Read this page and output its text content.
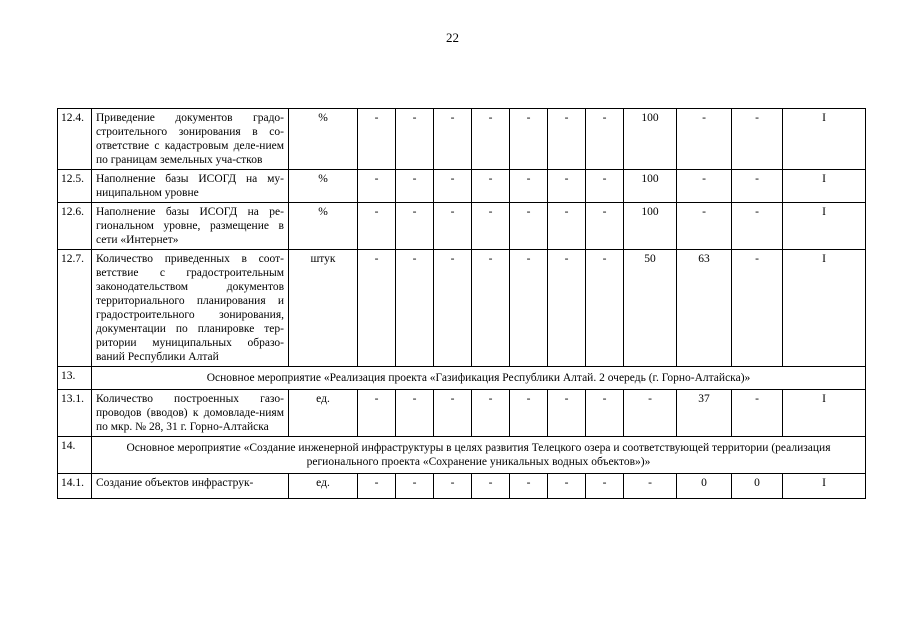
22
12.4.	Приведение документов градо-строительного зонирования в со-ответствие с кадастровым деле-нием по границам земельных уча-стков	%	-	-	-	-	-	-	-	100	-	-	I
12.5.	Наполнение базы ИСОГД на му-ниципальном уровне	%	-	-	-	-	-	-	-	100	-	-	I
12.6.	Наполнение базы ИСОГД на ре-гиональном уровне, размещение в сети «Интернет»	%	-	-	-	-	-	-	-	100	-	-	I
12.7.	Количество приведенных в соот-ветствие с градостроительным законодательством документов территориального планирования и градостроительного зонирования, документации по планировке тер-ритории муниципальных образо-ваний Республики Алтай	штук	-	-	-	-	-	-	-	50	63	-	I
13.	Основное мероприятие «Реализация проекта «Газификация Республики Алтай. 2 очередь (г. Горно-Алтайска)»												
13.1.	Количество построенных газо-проводов (вводов) к домовладе-ниям по мкр. № 28, 31 г. Горно-Алтайска	ед.	-	-	-	-	-	-	-	-	37	-	I
14.	Основное мероприятие «Создание инженерной инфраструктуры в целях развития Телецкого озера и соответствующей территории (реализация регионального проекта «Сохранение уникальных водных объектов»)»												
14.1.	Создание объектов инфраструк-	ед.	-	-	-	-	-	-	-	-	0	0	I
